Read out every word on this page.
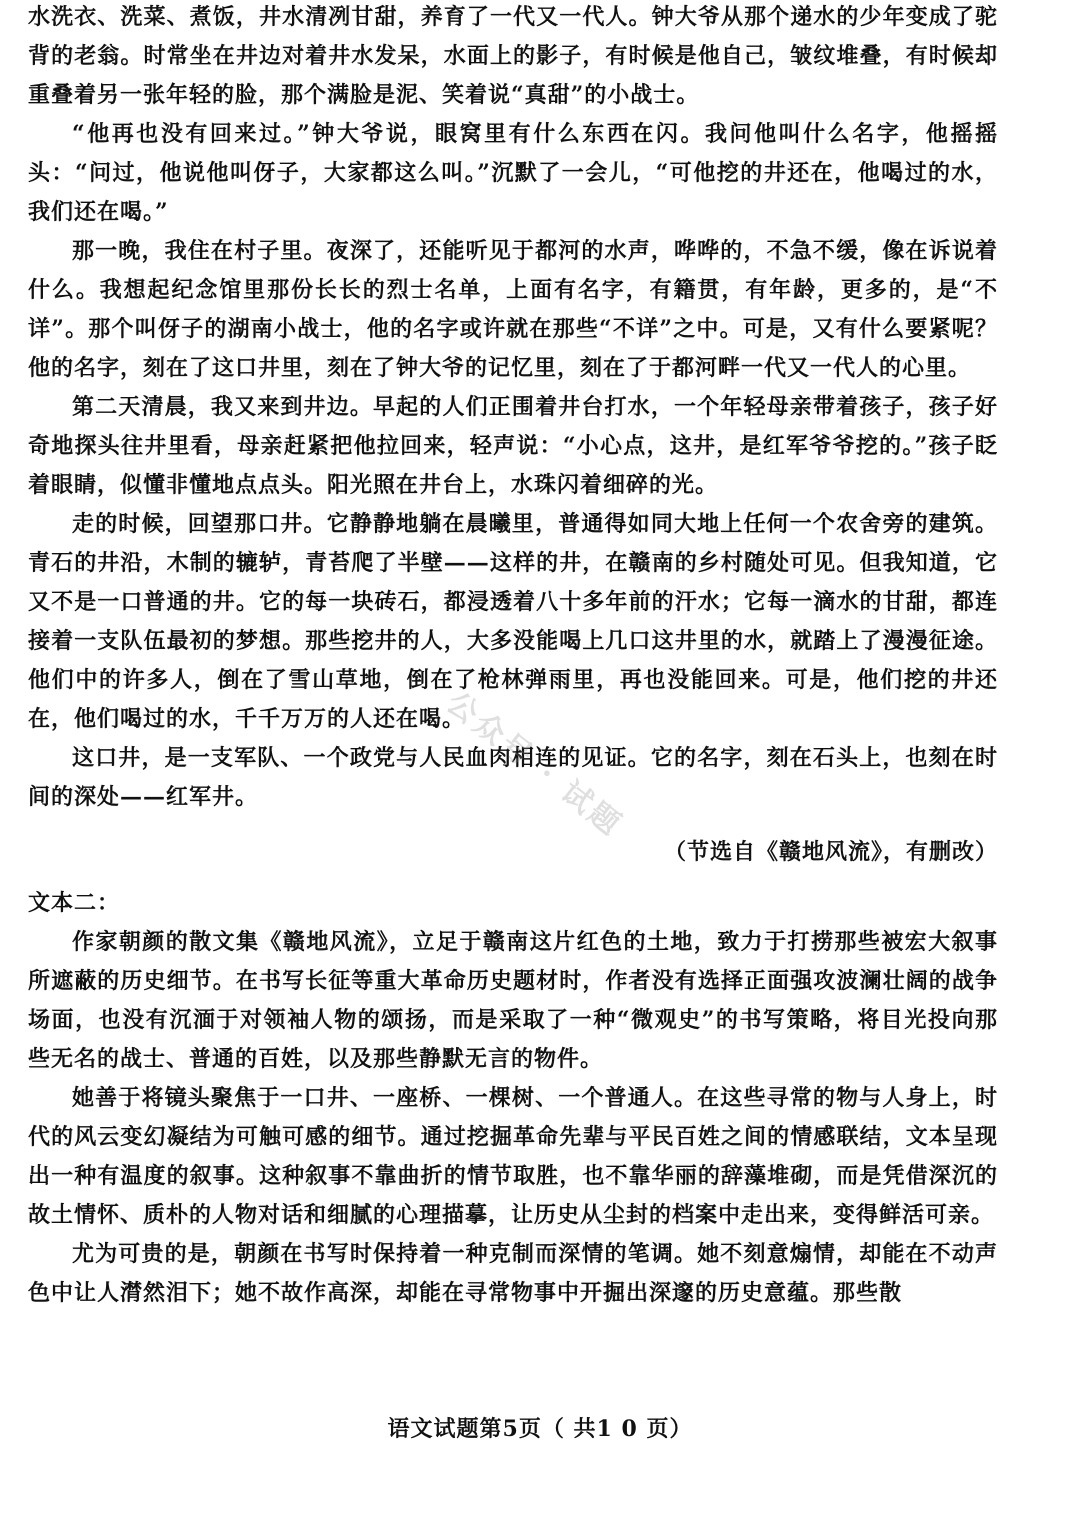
水洗衣、洗菜、煮饭，井水清冽甘甜，养育了一代又一代人。钟大爷从那个递水的少年变成了驼背的老翁。时常坐在井边对着井水发呆，水面上的影子，有时候是他自己，皱纹堆叠，有时候却重叠着另一张年轻的脸，那个满脸是泥、笑着说“真甜”的小战士。

“他再也没有回来过。”钟大爷说，眼窝里有什么东西在闪。我问他叫什么名字，他摇摇头：“问过，他说他叫伢子，大家都这么叫。”沉默了一会儿，“可他挖的井还在，他喝过的水，我们还在喝。”

那一晚，我住在村子里。夜深了，还能听见于都河的水声，哗哗的，不急不缓，像在诉说着什么。我想起纪念馆里那份长长的烈士名单，上面有名字，有籍贯，有年龄，更多的，是“不详”。那个叫伢子的湖南小战士，他的名字或许就在那些“不详”之中。可是，又有什么要紧呢？他的名字，刻在了这口井里，刻在了钟大爷的记忆里，刻在了于都河畔一代又一代人的心里。

第二天清晨，我又来到井边。早起的人们正围着井台打水，一个年轻母亲带着孩子，孩子好奇地探头往井里看，母亲赶紧把他拉回来，轻声说：“小心点，这井，是红军爷爷挖的。”孩子眨着眼睛，似懂非懂地点点头。阳光照在井台上，水珠闪着细碎的光。

走的时候，回望那口井。它静静地躺在晨曦里，普通得如同大地上任何一个农舍旁的建筑。青石的井沿，木制的辘轳，青苔爬了半壁——这样的井，在赣南的乡村随处可见。但我知道，它又不是一口普通的井。它的每一块砖石，都浸透着八十多年前的汗水；它每一滴水的甘甜，都连接着一支队伍最初的梦想。那些挖井的人，大多没能喝上几口这井里的水，就踏上了漫漫征途。他们中的许多人，倒在了雪山草地，倒在了枪林弹雨里，再也没能回来。可是，他们挖的井还在，他们喝过的水，千千万万的人还在喝。

这口井，是一支军队、一个政党与人民血肉相连的见证。它的名字，刻在石头上，也刻在时间的深处——红军井。

（节选自《赣地风流》，有删改）

文本二：

作家朝颜的散文集《赣地风流》，立足于赣南这片红色的土地，致力于打捞那些被宏大叙事所遮蔽的历史细节。在书写长征等重大革命历史题材时，作者没有选择正面强攻波澜壮阔的战争场面，也没有沉湎于对领袖人物的颂扬，而是采取了一种“微观史”的书写策略，将目光投向那些无名的战士、普通的百姓，以及那些静默无言的物件。

她善于将镜头聚焦于一口井、一座桥、一棵树、一个普通人。在这些寻常的物与人身上，时代的风云变幻凝结为可触可感的细节。通过挖掘革命先辈与平民百姓之间的情感联结，文本呈现出一种有温度的叙事。这种叙事不靠曲折的情节取胜，也不靠华丽的辞藻堆砌，而是凭借深沉的故土情怀、质朴的人物对话和细腻的心理描摹，让历史从尘封的档案中走出来，变得鲜活可亲。

尤为可贵的是，朝颜在书写时保持着一种克制而深情的笔调。她不刻意煽情，却能在不动声色中让人潸然泪下；她不故作高深，却能在寻常物事中开掘出深邃的历史意蕴。那些散

公众号 · 试题
语文试题第5页（ 共1 0 页）
